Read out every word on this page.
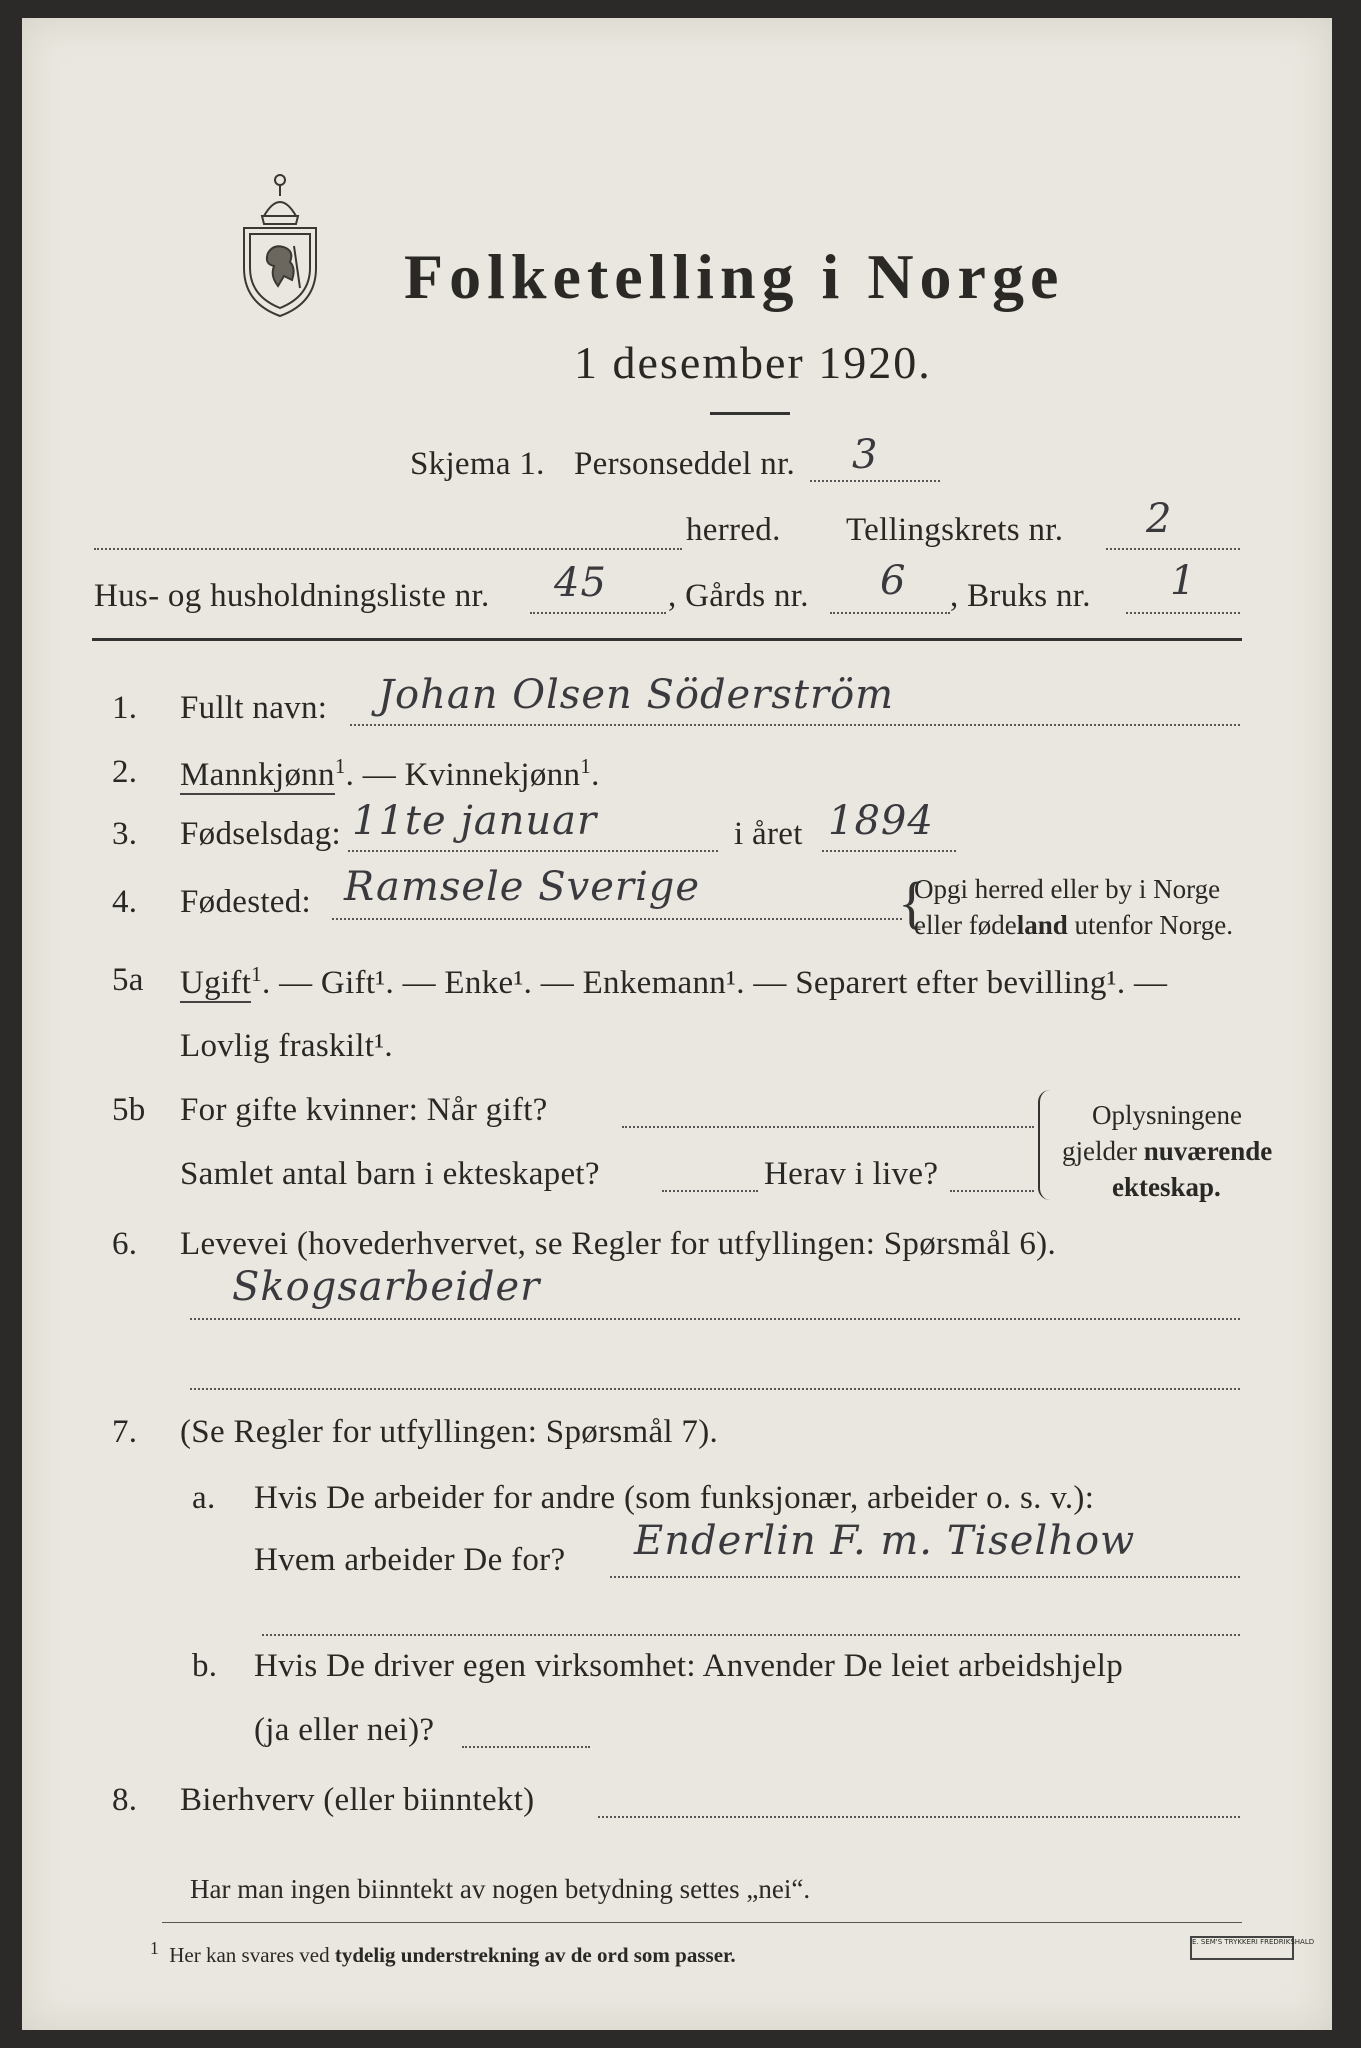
Folketelling i Norge
1 desember 1920.
Skjema 1. Personseddel nr. 3
herred. Tellingskrets nr. 2
Hus- og husholdningsliste nr. 45 , Gårds nr. 6 , Bruks nr. 1
1. Fullt navn: Johan Olsen Söderström
2. Mannkjønn$^1$. — Kvinnekjønn$^1$.
3. Fødselsdag: 11te januar	i året 1894
4. Fødested: Ramsele Sverige	{
Opgi herred eller by i Norge
eller fødeland utenfor Norge.
5a Ugift$^1$. — Gift¹. — Enke¹. — Enkemann¹. — Separert efter bevilling¹. —
Lovlig fraskilt¹.
5b For gifte kvinner: Når gift?
Samlet antal barn i ekteskapet?	Herav i live?
Oplysningene
gjelder nuværende
ekteskap.
6. Levevei (hovederhvervet, se Regler for utfyllingen: Spørsmål 6).
Skogsarbeider
7. (Se Regler for utfyllingen: Spørsmål 7).
a. Hvis De arbeider for andre (som funksjonær, arbeider o. s. v.):
Hvem arbeider De for? Enderlin F. m. Tiselhow
b. Hvis De driver egen virksomhet: Anvender De leiet arbeidshjelp
(ja eller nei)?
8. Bierhverv (eller biinntekt)
Har man ingen biinntekt av nogen betydning settes „nei“.
$^1$ Her kan svares ved tydelig understrekning av de ord som passer.
E. SEM'S TRYKKERI FREDRIKSHALD
